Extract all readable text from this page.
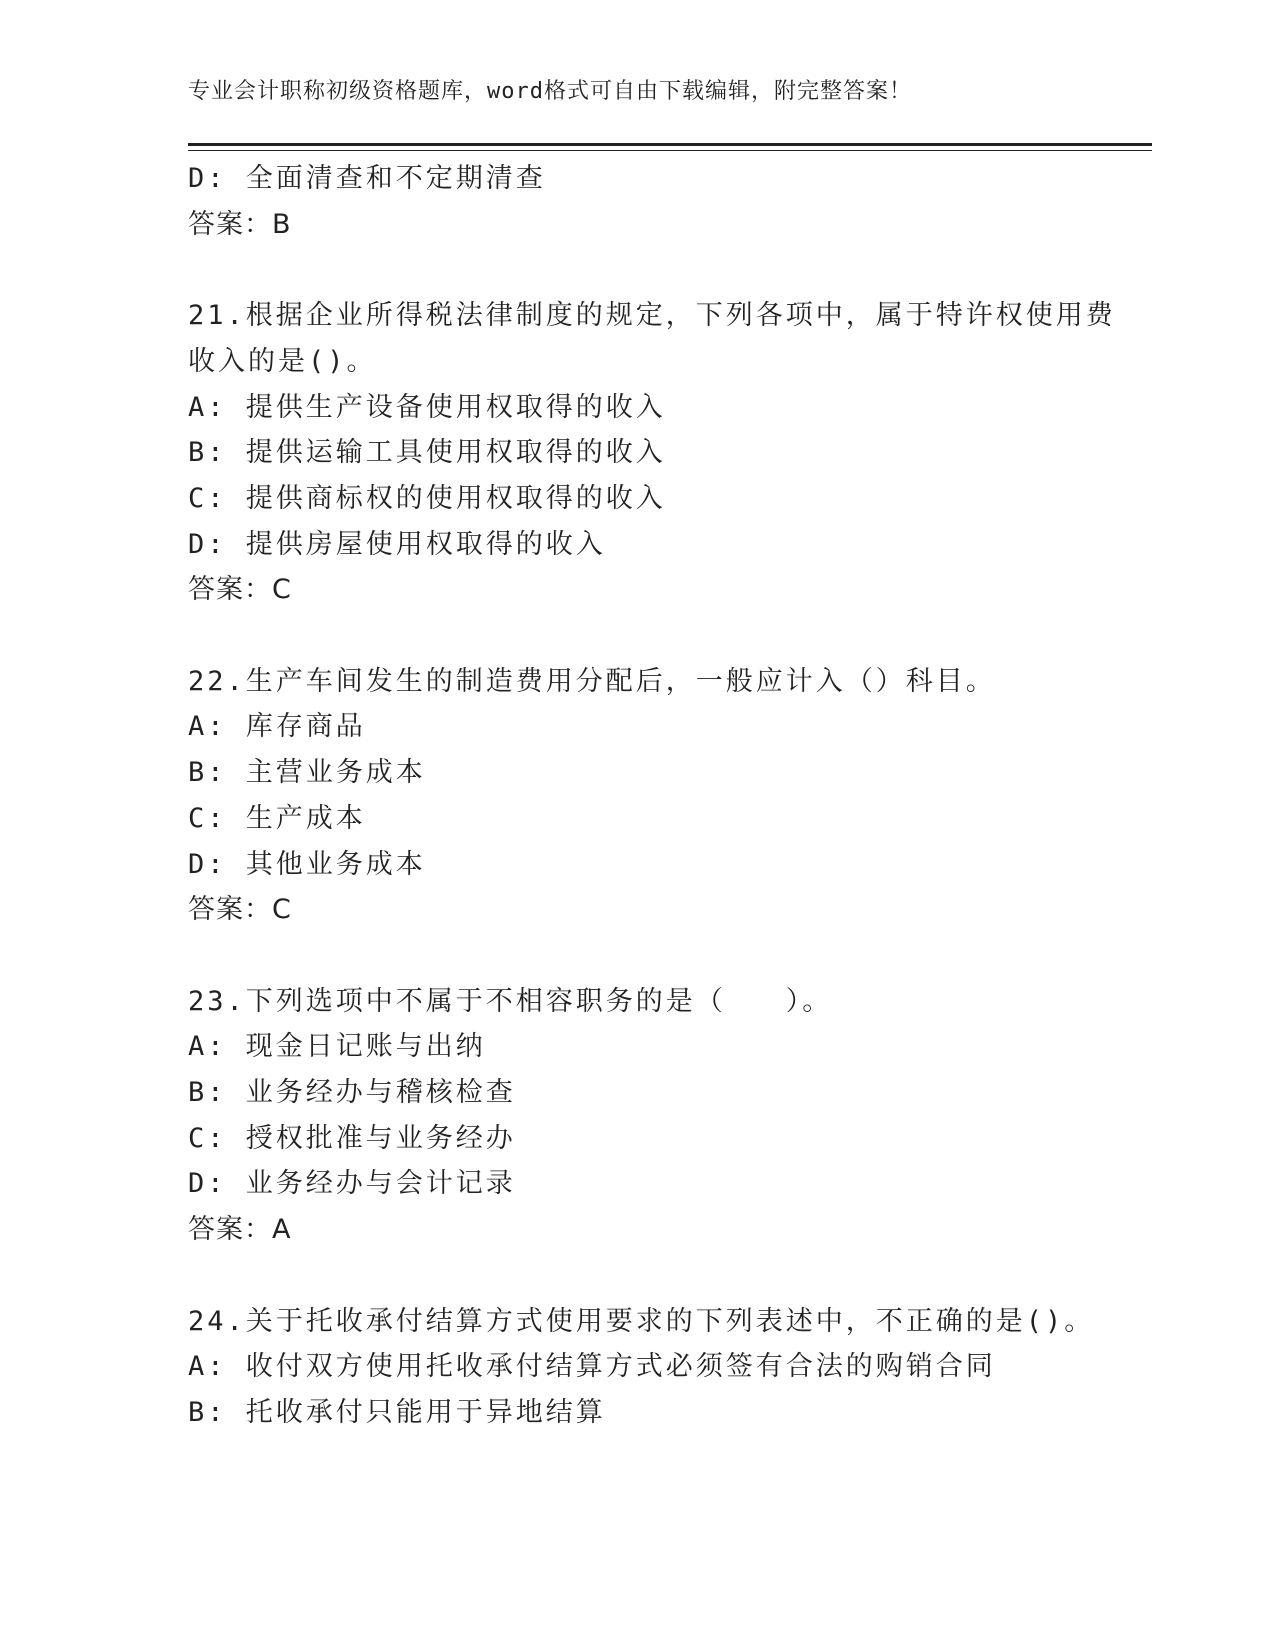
专业会计职称初级资格题库，word格式可自由下载编辑，附完整答案！
D: 全面清查和不定期清查
答案：B
21.根据企业所得税法律制度的规定，下列各项中，属于特许权使用费
收入的是()。
A: 提供生产设备使用权取得的收入
B: 提供运输工具使用权取得的收入
C: 提供商标权的使用权取得的收入
D: 提供房屋使用权取得的收入
答案：C
22.生产车间发生的制造费用分配后，一般应计入（）科目。
A: 库存商品
B: 主营业务成本
C: 生产成本
D: 其他业务成本
答案：C
23.下列选项中不属于不相容职务的是（　　）。
A: 现金日记账与出纳
B: 业务经办与稽核检查
C: 授权批准与业务经办
D: 业务经办与会计记录
答案：A
24.关于托收承付结算方式使用要求的下列表述中，不正确的是()。
A: 收付双方使用托收承付结算方式必须签有合法的购销合同
B: 托收承付只能用于异地结算
